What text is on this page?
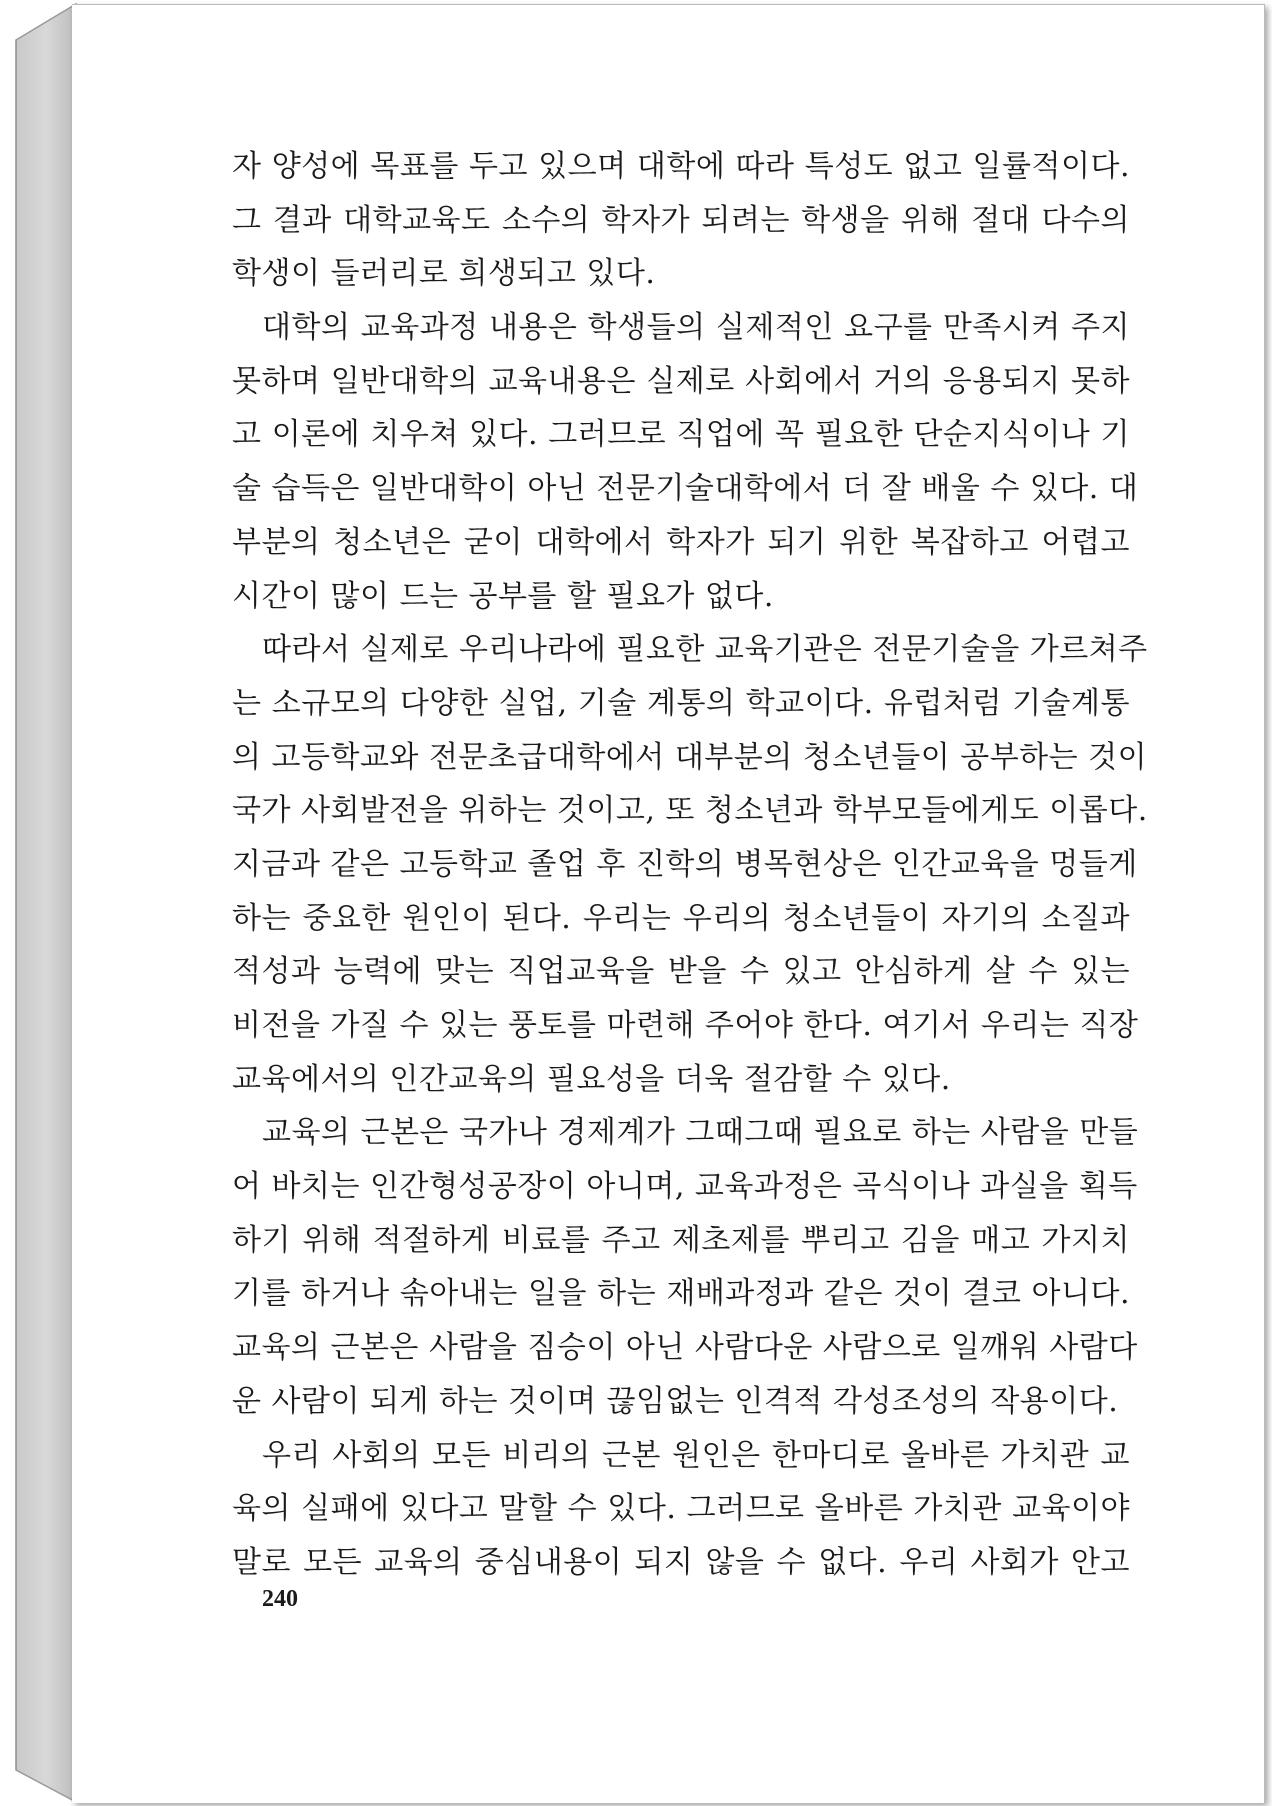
자 양성에 목표를 두고 있으며 대학에 따라 특성도 없고 일률적이다.
그 결과 대학교육도 소수의 학자가 되려는 학생을 위해 절대 다수의
학생이 들러리로 희생되고 있다.
대학의 교육과정 내용은 학생들의 실제적인 요구를 만족시켜 주지
못하며 일반대학의 교육내용은 실제로 사회에서 거의 응용되지 못하
고 이론에 치우쳐 있다. 그러므로 직업에 꼭 필요한 단순지식이나 기
술 습득은 일반대학이 아닌 전문기술대학에서 더 잘 배울 수 있다. 대
부분의 청소년은 굳이 대학에서 학자가 되기 위한 복잡하고 어렵고
시간이 많이 드는 공부를 할 필요가 없다.
따라서 실제로 우리나라에 필요한 교육기관은 전문기술을 가르쳐주
는 소규모의 다양한 실업, 기술 계통의 학교이다. 유럽처럼 기술계통
의 고등학교와 전문초급대학에서 대부분의 청소년들이 공부하는 것이
국가 사회발전을 위하는 것이고, 또 청소년과 학부모들에게도 이롭다.
지금과 같은 고등학교 졸업 후 진학의 병목현상은 인간교육을 멍들게
하는 중요한 원인이 된다. 우리는 우리의 청소년들이 자기의 소질과
적성과 능력에 맞는 직업교육을 받을 수 있고 안심하게 살 수 있는
비전을 가질 수 있는 풍토를 마련해 주어야 한다. 여기서 우리는 직장
교육에서의 인간교육의 필요성을 더욱 절감할 수 있다.
교육의 근본은 국가나 경제계가 그때그때 필요로 하는 사람을 만들
어 바치는 인간형성공장이 아니며, 교육과정은 곡식이나 과실을 획득
하기 위해 적절하게 비료를 주고 제초제를 뿌리고 김을 매고 가지치
기를 하거나 솎아내는 일을 하는 재배과정과 같은 것이 결코 아니다.
교육의 근본은 사람을 짐승이 아닌 사람다운 사람으로 일깨워 사람다
운 사람이 되게 하는 것이며 끊임없는 인격적 각성조성의 작용이다.
우리 사회의 모든 비리의 근본 원인은 한마디로 올바른 가치관 교
육의 실패에 있다고 말할 수 있다. 그러므로 올바른 가치관 교육이야
말로 모든 교육의 중심내용이 되지 않을 수 없다. 우리 사회가 안고
240
